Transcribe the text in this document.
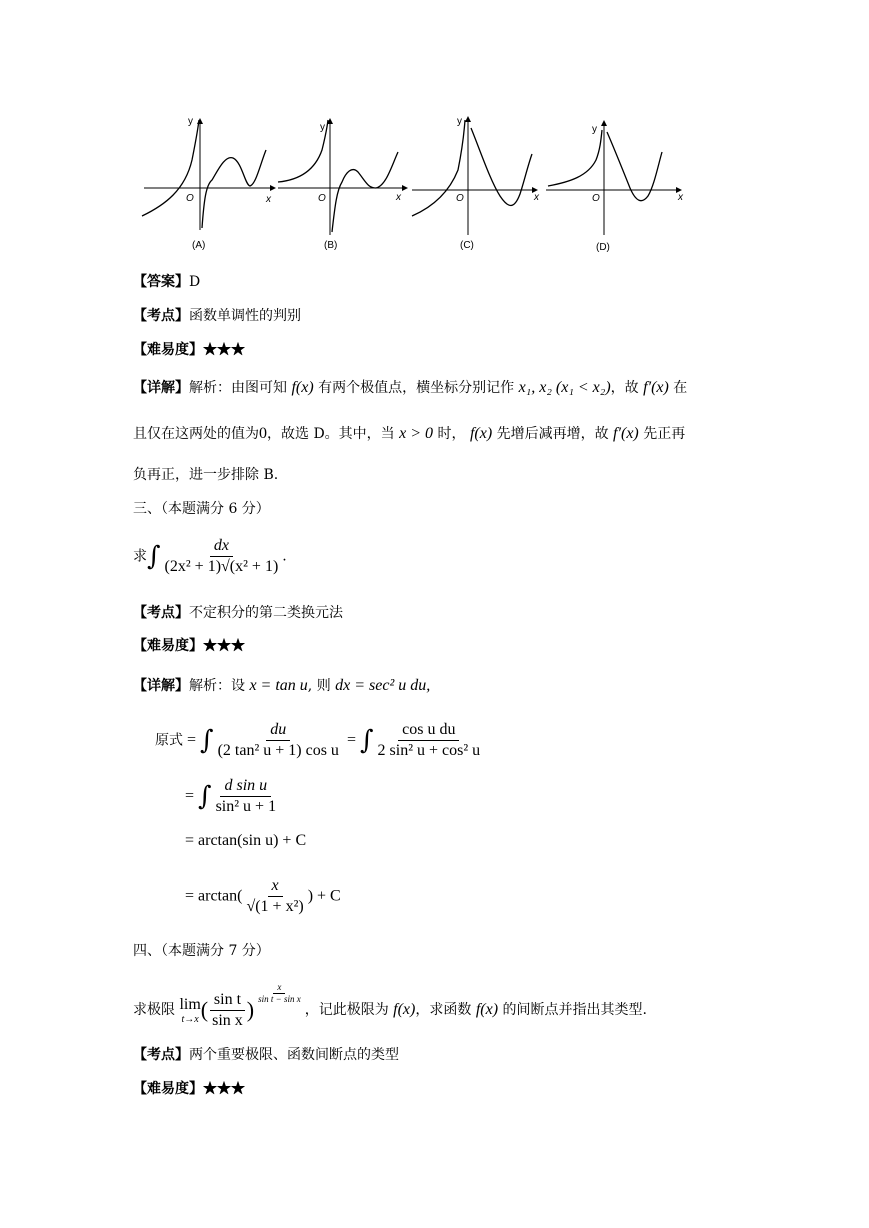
y
x
O
(A)
y
x
O
(B)
y
x
O
(C)
y
x
O
(D)
【答案】D
【考点】函数单调性的判别
【难易度】★★★
【详解】解析：由图可知 f(x) 有两个极值点，横坐标分别记作 x₁, x₂ (x₁ < x₂)，故 f′(x) 在
且仅在这两处的值为0，故选 D。其中，当 x > 0 时， f(x) 先增后减再增，故 f′(x) 先正再
负再正，进一步排除 B.
三、（本题满分 6 分）
求∫ $\frac{dx}{\text{(2x² + 1)√(x² + 1)}}$ .
【考点】不定积分的第二类换元法
【难易度】★★★
【详解】解析：设 x = tan u, 则 dx = sec² u du,
原式 = ∫ $\frac{du}{\text{(2 tan² u + 1) cos u}}$ = ∫ $\frac{\text{cos u du}}{\text{2 sin² u + cos² u}}$
= ∫ $\frac{\text{d sin u}}{\text{sin² u + 1}}$
= arctan(sin u) + C
= $\arctan( \frac{x}{\text{√(1 + x²)}}$ ) + C
四、（本题满分 7 分）
求极限 lim
t→x ( $\frac{\text{sin t}}{\text{sin x}}$ )
$\frac{x}{\text{sin t − sin x}}$
，记此极限为 f(x)，求函数 f(x) 的间断点并指出其类型.
【考点】两个重要极限、函数间断点的类型
【难易度】★★★
